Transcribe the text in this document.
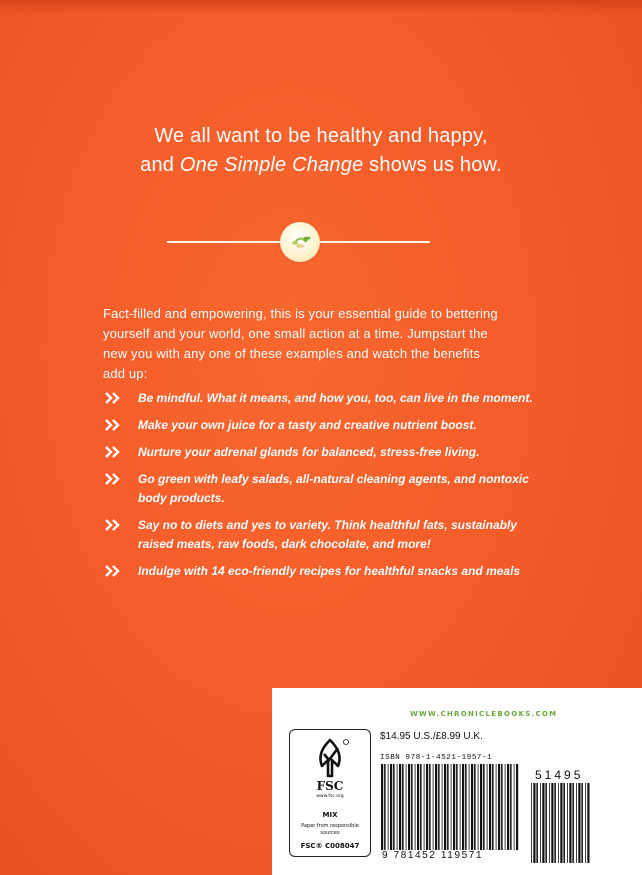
We all want to be healthy and happy,
and One Simple Change shows us how.

Fact-filled and empowering, this is your essential guide to bettering yourself and your world, one small action at a time. Jumpstart the new you with any one of these examples and watch the benefits add up:

Be mindful. What it means, and how you, too, can live in the moment.
Make your own juice for a tasty and creative nutrient boost.
Nurture your adrenal glands for balanced, stress-free living.
Go green with leafy salads, all-natural cleaning agents, and nontoxic body products.
Say no to diets and yes to variety. Think healthful fats, sustainably raised meats, raw foods, dark chocolate, and more!
Indulge with 14 eco-friendly recipes for healthful snacks and meals
WWW.CHRONICLEBOOKS.COM
FSC
www.fsc.org
MIX
Paper from responsible sources
FSC® C008047
$14.95 U.S./£8.99 U.K.
ISBN 978-1-4521-1957-1
9 781452 119571
51495
